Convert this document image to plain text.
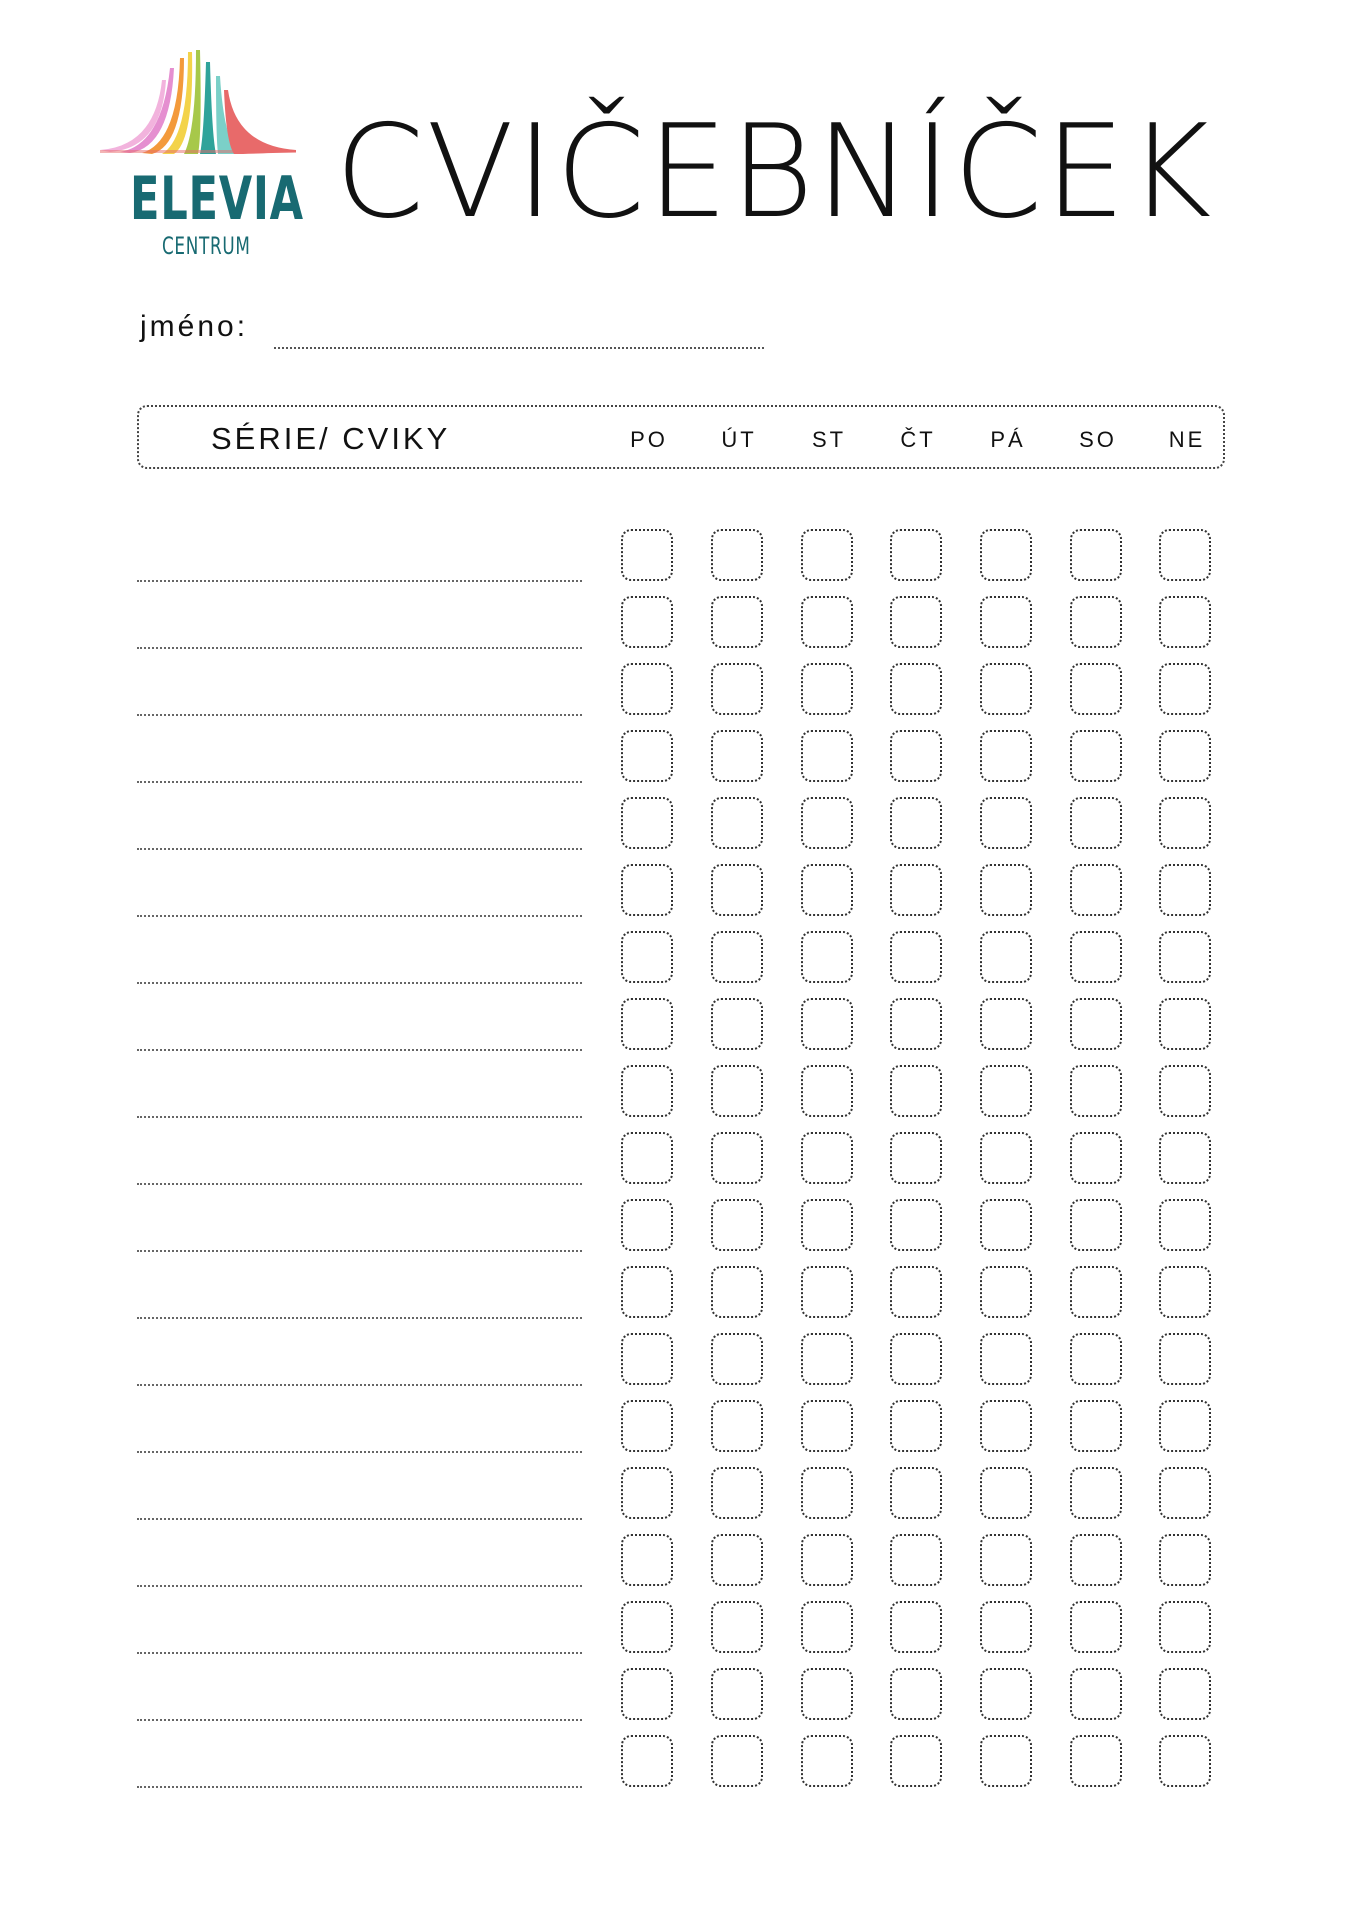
ELEVIA
CENTRUM CVIČEBNÍČEK
jméno:
SÉRIE/ CVIKY	PO	ÚT	ST	ČT	PÁ	SO	NE
